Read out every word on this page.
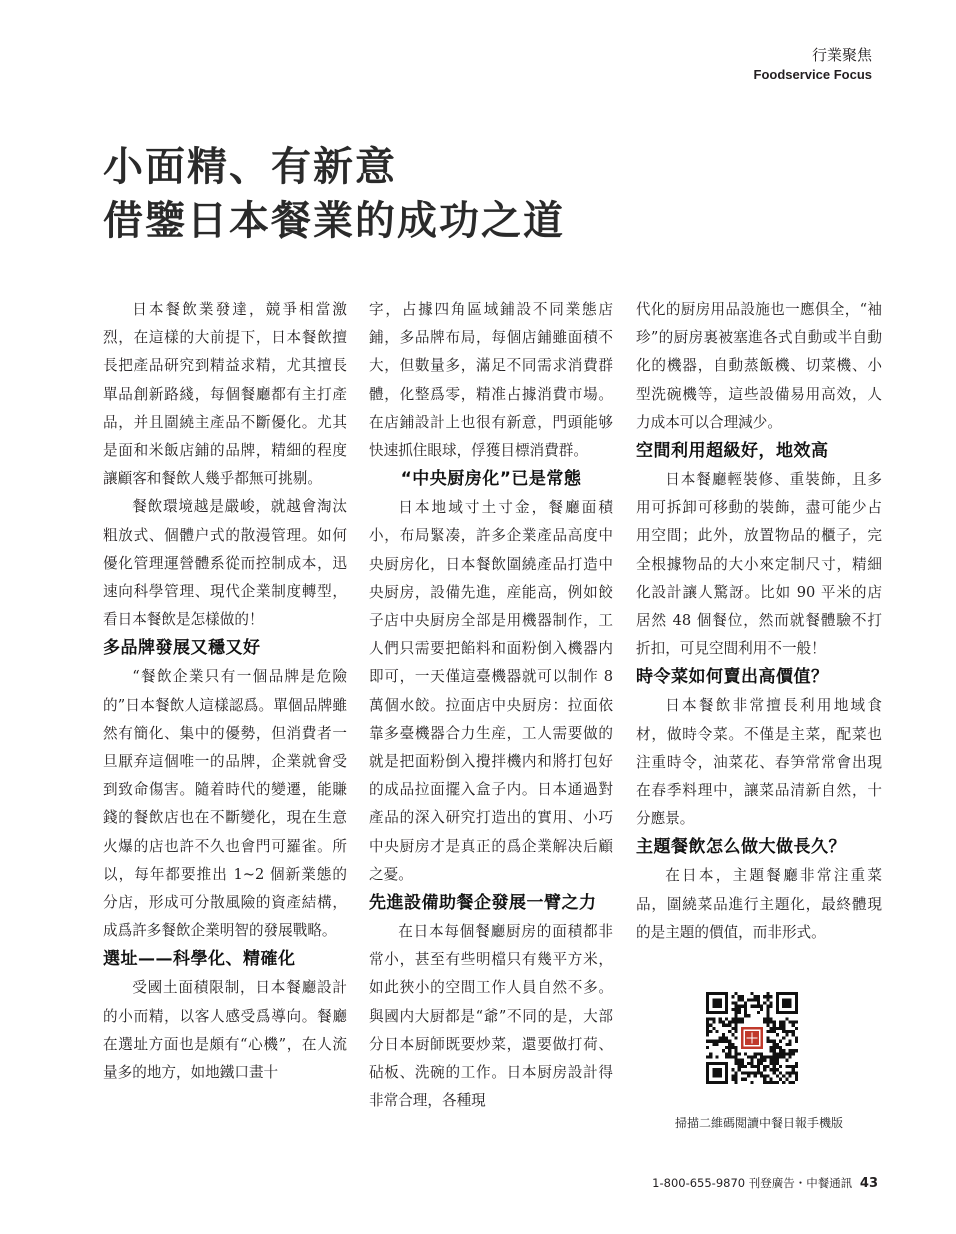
行業聚焦
Foodservice Focus
小面精、有新意
借鑒日本餐業的成功之道

日本餐飲業發達，競爭相當激烈，在這樣的大前提下，日本餐飲擅長把產品研究到精益求精，尤其擅長單品創新路綫，每個餐廳都有主打產品，并且圍繞主產品不斷優化。尤其是面和米飯店鋪的品牌，精細的程度讓顧客和餐飲人幾乎都無可挑剔。

餐飲環境越是嚴峻，就越會淘汰粗放式、個體户式的散漫管理。如何優化管理運營體系從而控制成本，迅速向科學管理、現代企業制度轉型，看日本餐飲是怎樣做的！

多品牌發展又穩又好

“餐飲企業只有一個品牌是危險的”日本餐飲人這樣認爲。單個品牌雖然有簡化、集中的優勢，但消費者一旦厭弃這個唯一的品牌，企業就會受到致命傷害。隨着時代的變遷，能賺錢的餐飲店也在不斷變化，現在生意火爆的店也許不久也會門可羅雀。所以，每年都要推出 1~2 個新業態的分店，形成可分散風險的資產結構，成爲許多餐飲企業明智的發展戰略。

選址——科學化、精確化

受國土面積限制，日本餐廳設計的小而精，以客人感受爲導向。餐廳在選址方面也是頗有“心機”，在人流量多的地方，如地鐵口畫十

字，占據四角區域鋪設不同業態店鋪，多品牌布局，每個店鋪雖面積不大，但數量多，滿足不同需求消費群體，化整爲零，精准占據消費市場。在店鋪設計上也很有新意，門頭能够快速抓住眼球，俘獲目標消費群。

“中央厨房化”已是常態

日本地域寸土寸金，餐廳面積小，布局緊凑，許多企業產品高度中央厨房化，日本餐飲圍繞產品打造中央厨房，設備先進，産能高，例如餃子店中央厨房全部是用機器制作，工人們只需要把餡料和面粉倒入機器内即可，一天僅這臺機器就可以制作 8 萬個水餃。拉面店中央厨房：拉面依靠多臺機器合力生産，工人需要做的就是把面粉倒入攪拌機内和將打包好的成品拉面擺入盒子内。日本通過對產品的深入研究打造出的實用、小巧中央厨房才是真正的爲企業解决后顧之憂。

先進設備助餐企發展一臂之力

在日本每個餐廳厨房的面積都非常小，甚至有些明檔只有幾平方米，如此狹小的空間工作人員自然不多。與國内大厨都是“爺”不同的是，大部分日本厨師既要炒菜，還要做打荷、砧板、洗碗的工作。日本厨房設計得非常合理，各種現

代化的厨房用品設施也一應俱全，“袖珍”的厨房裏被塞進各式自動或半自動化的機器，自動蒸飯機、切菜機、小型洗碗機等，這些設備易用高效，人力成本可以合理減少。

空間利用超級好，地效高

日本餐廳輕裝修、重裝飾，且多用可拆卸可移動的裝飾，盡可能少占用空間；此外，放置物品的櫃子，完全根據物品的大小來定制尺寸，精細化設計讓人驚訝。比如 90 平米的店居然 48 個餐位，然而就餐體驗不打折扣，可見空間利用不一般！

時令菜如何賣出高價值？

日本餐飲非常擅長利用地域食材，做時令菜。不僅是主菜，配菜也注重時令，油菜花、春笋常常會出現在春季料理中，讓菜品清新自然，十分應景。

主題餐飲怎么做大做長久？

在日本，主題餐廳非常注重菜品，圍繞菜品進行主題化，最終體現的是主題的價值，而非形式。

掃描二維碼閲讀中餐日報手機版
1-800-655-9870 刊登廣告・中餐通訊 43
